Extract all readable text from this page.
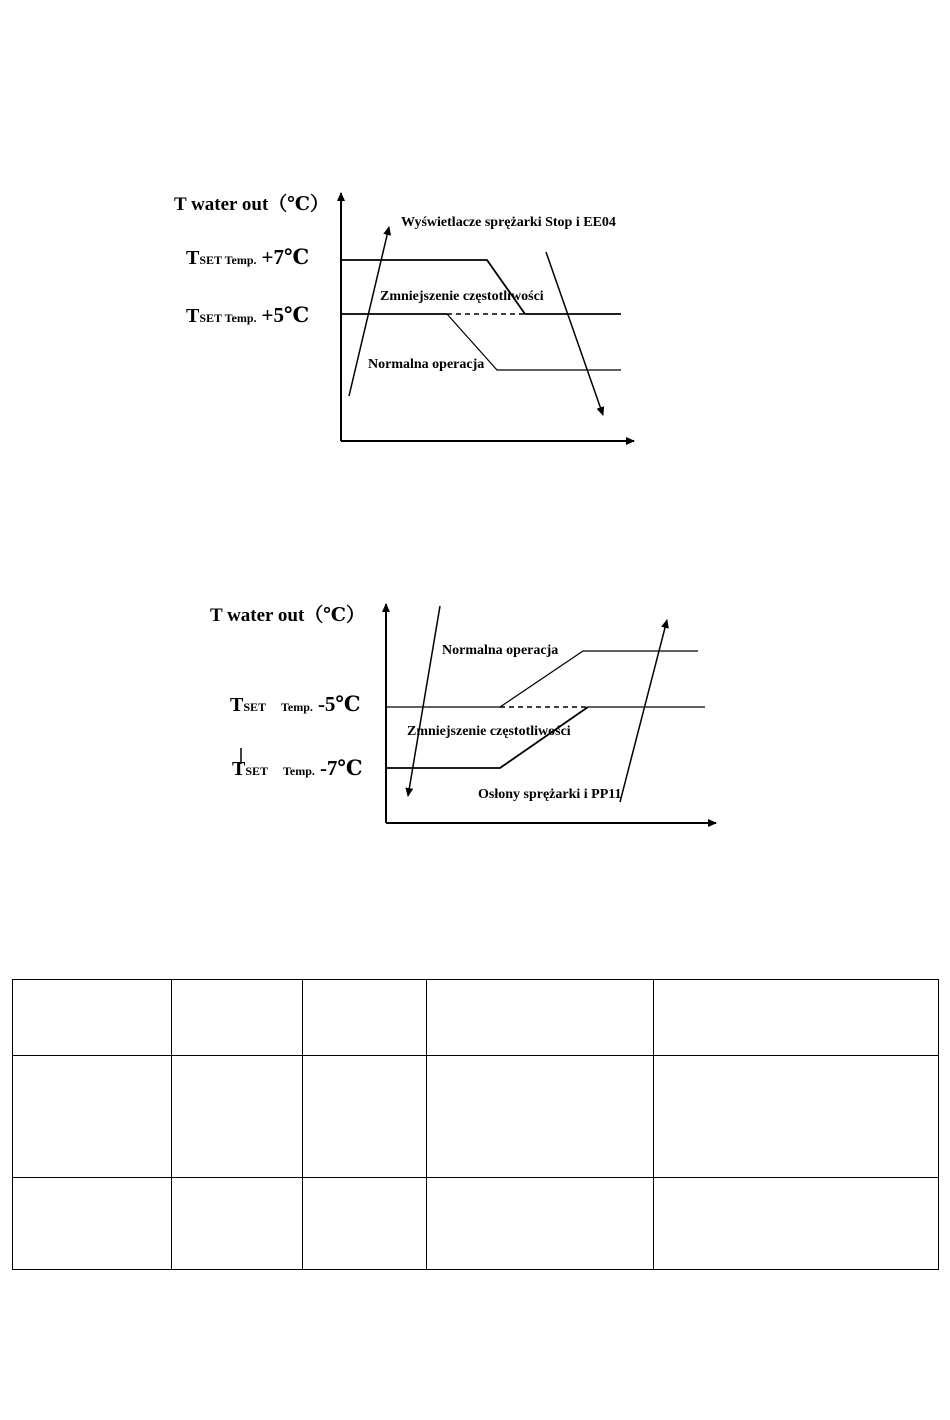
T water out（℃）
TSET Temp. +7℃
TSET Temp. +5℃
Wyświetlacze sprężarki Stop i EE04
Zmniejszenie częstotliwości
Normalna operacja
T water out（℃）
TSET Temp. -5℃
TSET Temp. -7℃
Normalna operacja
Zmniejszenie częstotliwości
Osłony sprężarki i PP11
